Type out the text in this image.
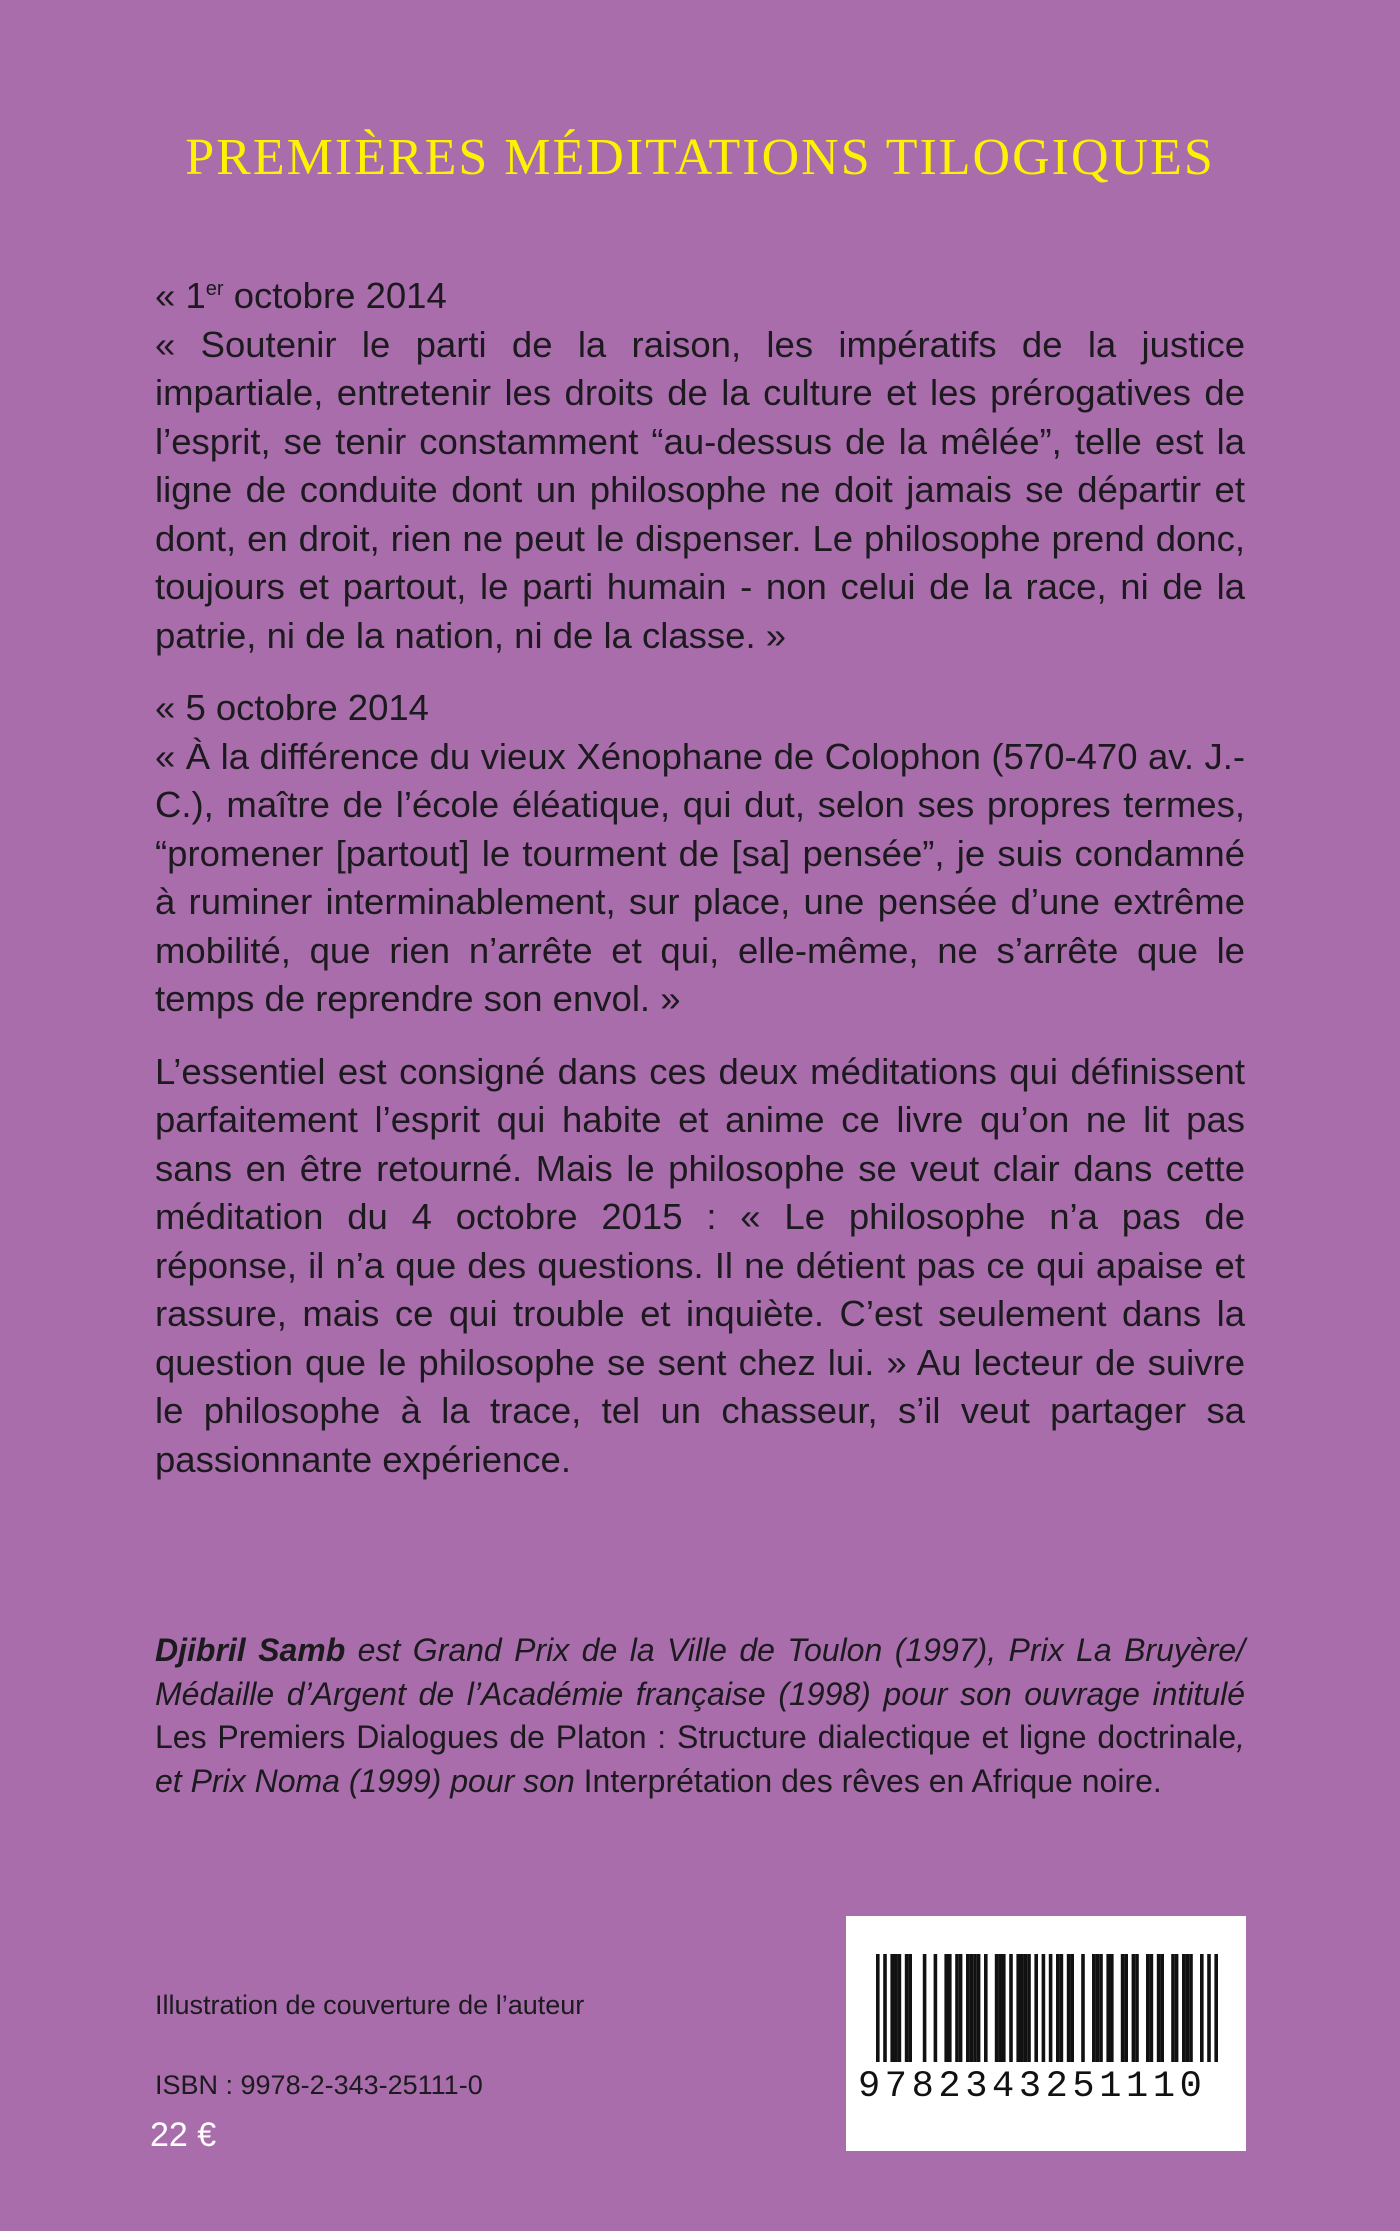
PREMIÈRES MÉDITATIONS TILOGIQUES

« 1er octobre 2014

« Soutenir le parti de la raison, les impératifs de la justice impartiale, entretenir les droits de la culture et les prérogatives de l’esprit, se tenir constamment “au-dessus de la mêlée”, telle est la ligne de conduite dont un philosophe ne doit jamais se départir et dont, en droit, rien ne peut le dispenser. Le philosophe prend donc, toujours et partout, le parti humain - non celui de la race, ni de la patrie, ni de la nation, ni de la classe. »

« 5 octobre 2014

« À la différence du vieux Xénophane de Colophon (570-470 av. J.-C.), maître de l’école éléatique, qui dut, selon ses propres termes, “promener [partout] le tourment de [sa] pensée”, je suis condamné à ruminer interminablement, sur place, une pensée d’une extrême mobilité, que rien n’arrête et qui, elle-même, ne s’arrête que le temps de reprendre son envol. »

L’essentiel est consigné dans ces deux méditations qui définissent parfaitement l’esprit qui habite et anime ce livre qu’on ne lit pas sans en être retourné. Mais le philosophe se veut clair dans cette méditation du 4 octobre 2015 : « Le philosophe n’a pas de réponse, il n’a que des questions. Il ne détient pas ce qui apaise et rassure, mais ce qui trouble et inquiète. C’est seulement dans la question que le philosophe se sent chez lui. » Au lecteur de suivre le philosophe à la trace, tel un chasseur, s’il veut partager sa passionnante expérience.

Djibril Samb est Grand Prix de la Ville de Toulon (1997), Prix La Bruyère/ Médaille d’Argent de l’Académie française (1998) pour son ouvrage intitulé Les Premiers Dialogues de Platon : Structure dialectique et ligne doctrinale, et Prix Noma (1999) pour son Interprétation des rêves en Afrique noire.

Illustration de couverture de l’auteur

ISBN : 9978-2-343-25111-0

22 €

9782343251110
